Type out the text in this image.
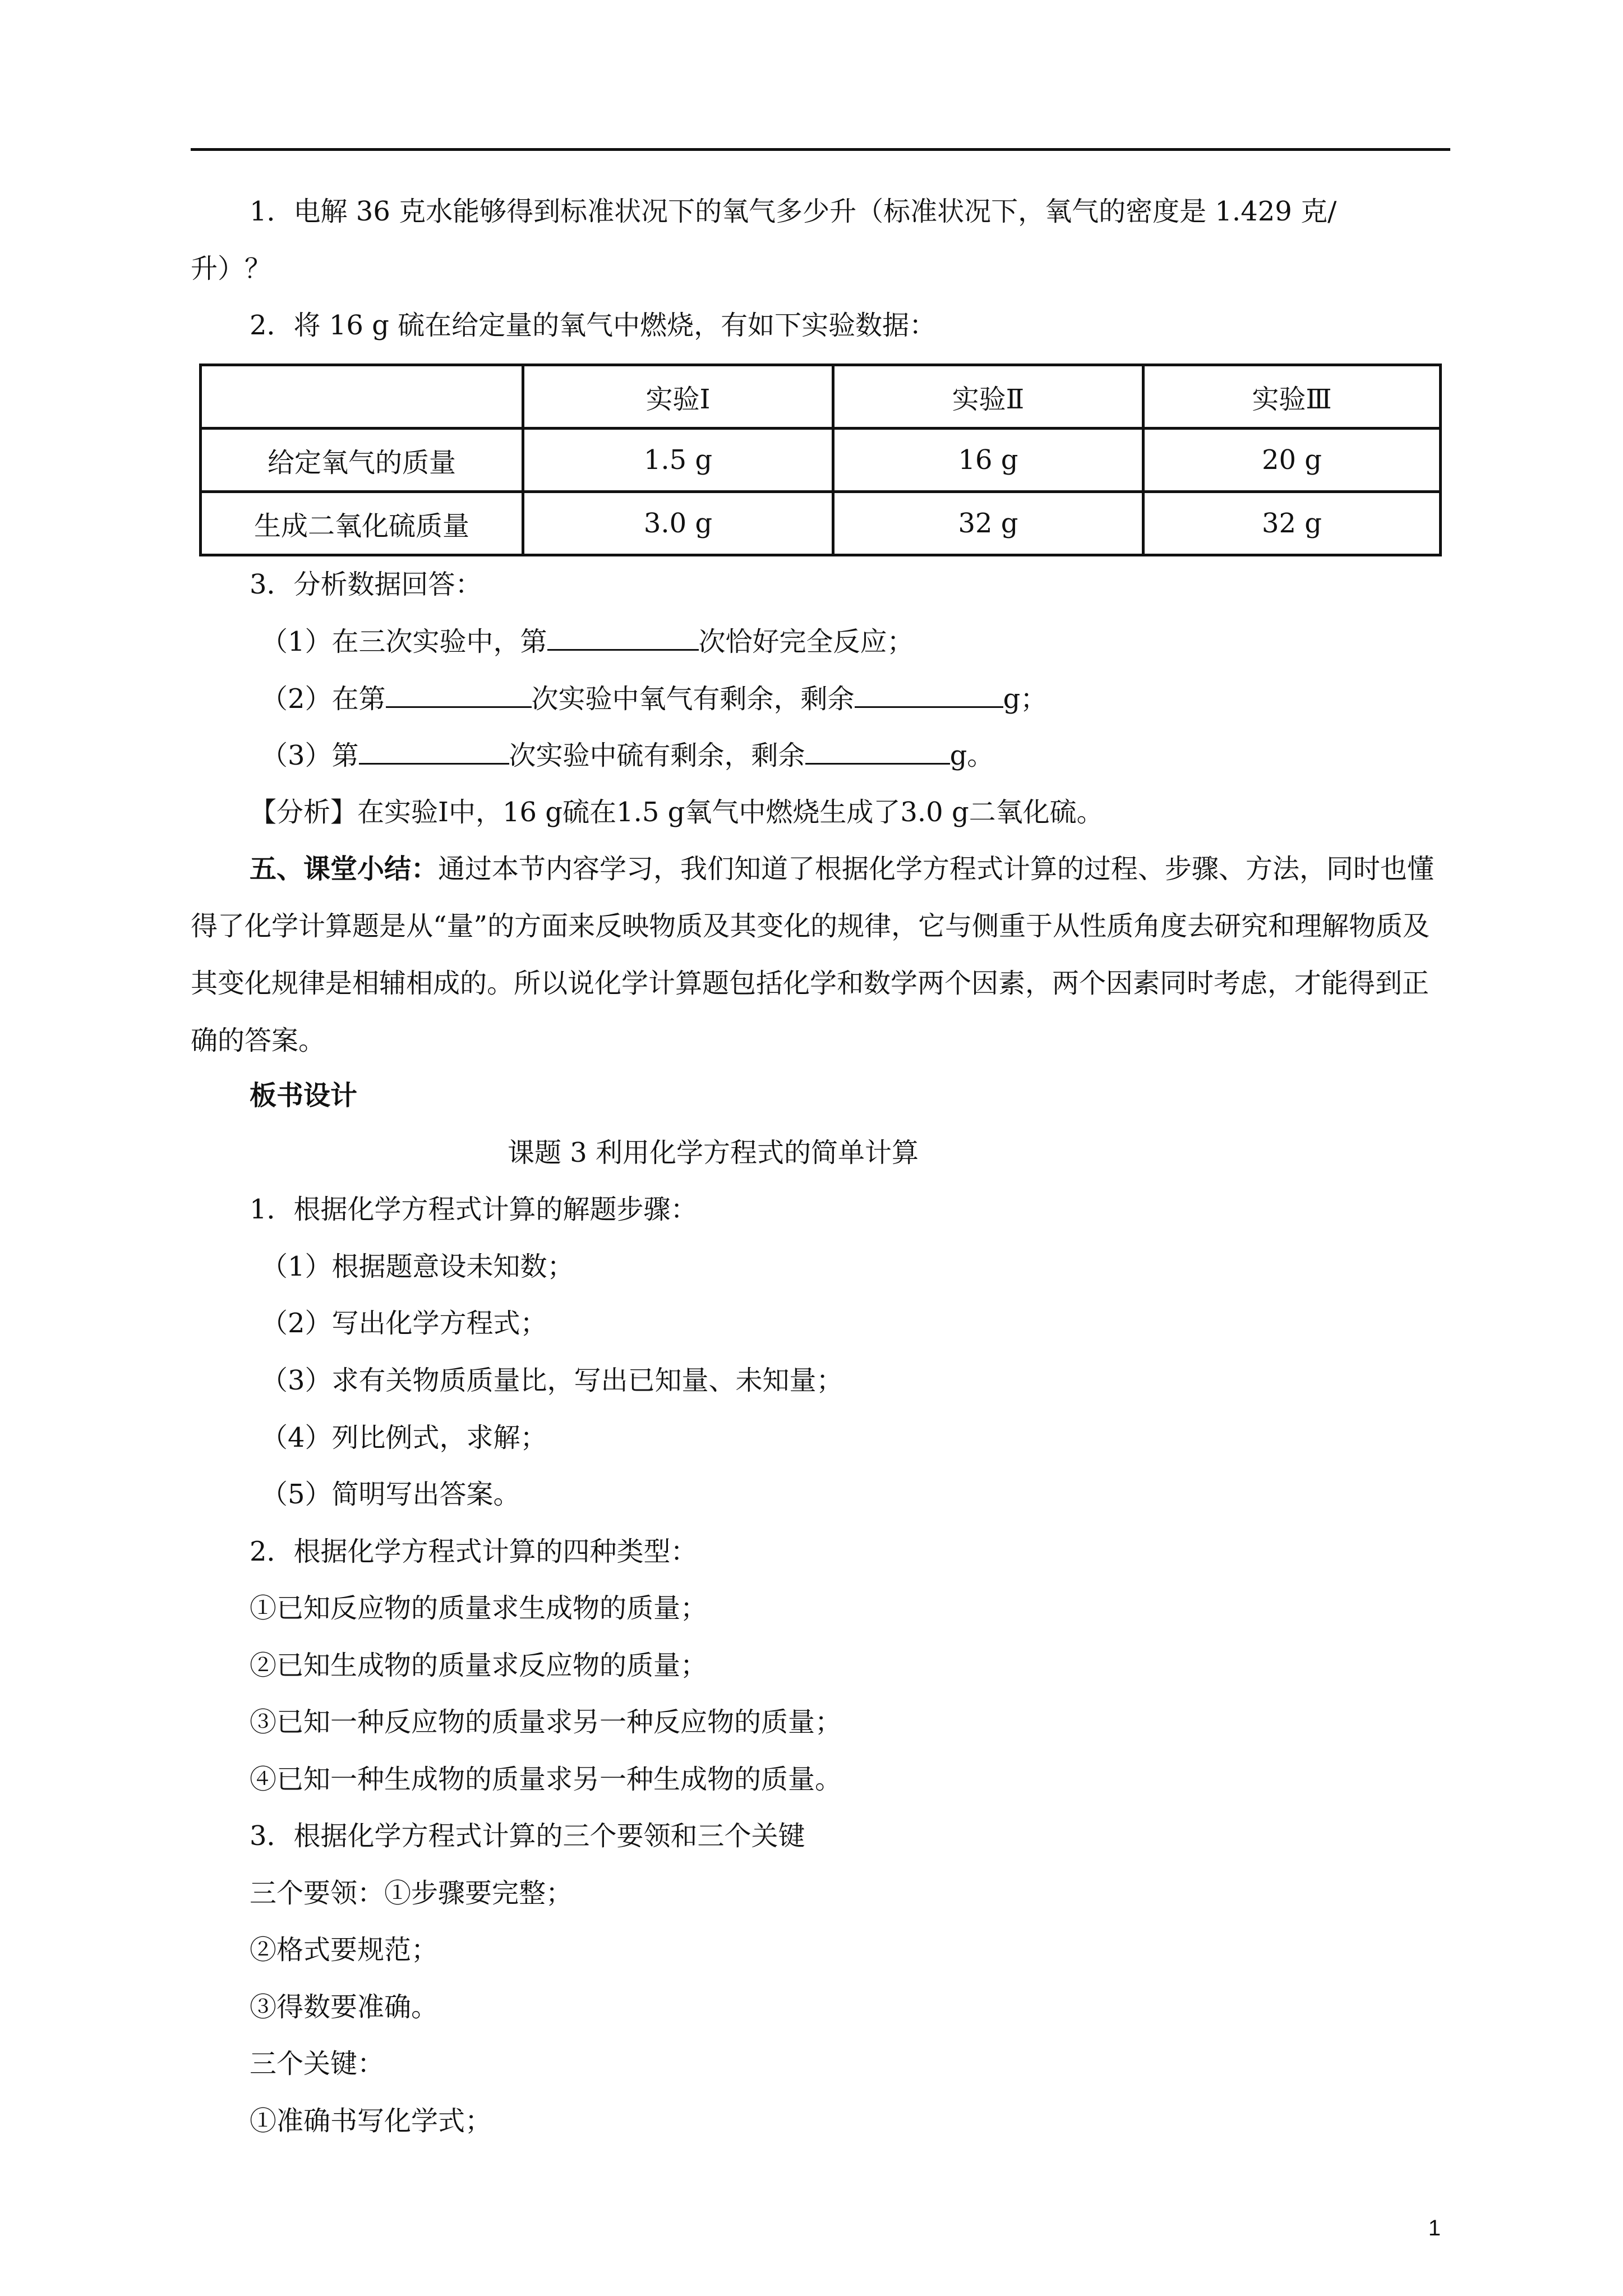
1．电解 36 克水能够得到标准状况下的氧气多少升（标准状况下，氧气的密度是 1.429 克/
升）？
2．将 16 g 硫在给定量的氧气中燃烧，有如下实验数据：
	实验Ⅰ	实验Ⅱ	实验Ⅲ
给定氧气的质量	1.5 g	16 g	20 g
生成二氧化硫质量	3.0 g	32 g	32 g
3．分析数据回答：
（1）在三次实验中，第	次恰好完全反应；
（2）在第	次实验中氧气有剩余，剩余	g；
（3）第	次实验中硫有剩余，剩余	g。
【分析】在实验Ⅰ中，16 g硫在1.5 g氧气中燃烧生成了3.0 g二氧化硫。
五、课堂小结：通过本节内容学习，我们知道了根据化学方程式计算的过程、步骤、方法，同时也懂得了化学计算题是从“量”的方面来反映物质及其变化的规律，它与侧重于从性质角度去研究和理解物质及其变化规律是相辅相成的。所以说化学计算题包括化学和数学两个因素，两个因素同时考虑，才能得到正确的答案。
板书设计
课题 3 利用化学方程式的简单计算
1．根据化学方程式计算的解题步骤：
（1）根据题意设未知数；
（2）写出化学方程式；
（3）求有关物质质量比，写出已知量、未知量；
（4）列比例式，求解；
（5）简明写出答案。
2．根据化学方程式计算的四种类型：
①已知反应物的质量求生成物的质量；
②已知生成物的质量求反应物的质量；
③已知一种反应物的质量求另一种反应物的质量；
④已知一种生成物的质量求另一种生成物的质量。
3．根据化学方程式计算的三个要领和三个关键
三个要领：①步骤要完整；
②格式要规范；
③得数要准确。
三个关键：
①准确书写化学式；
1
